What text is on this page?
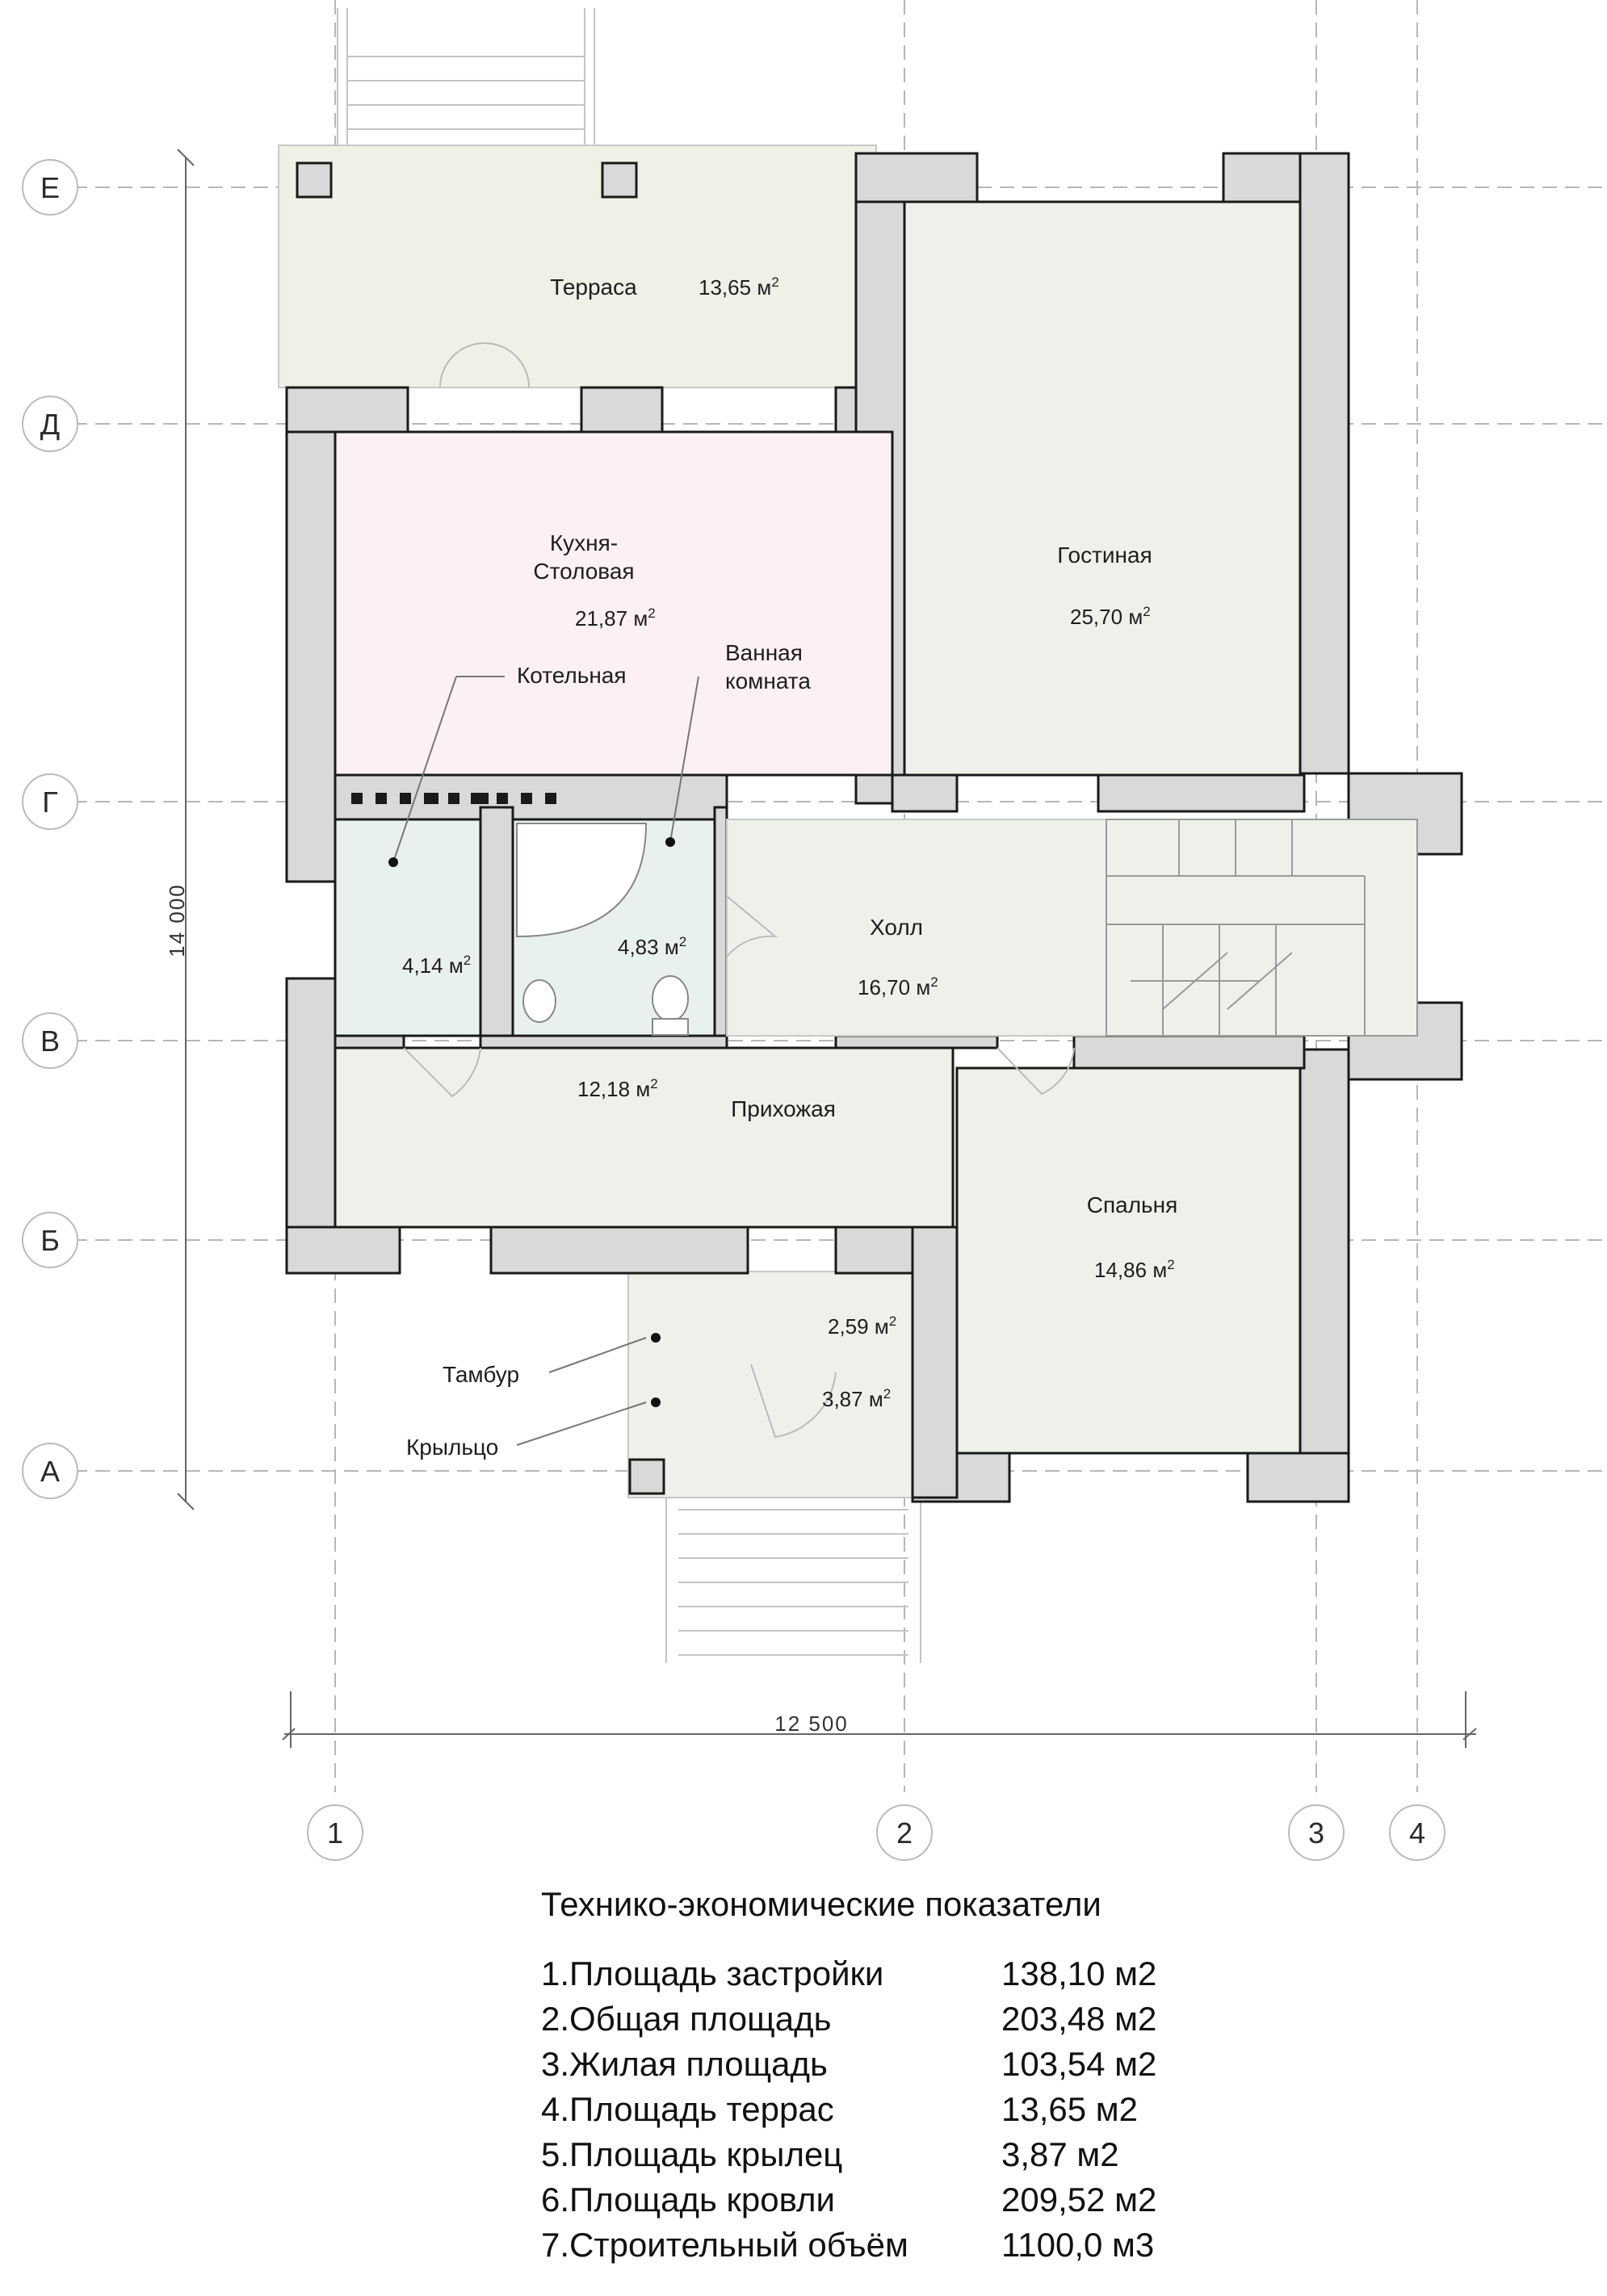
14 000
12 500
Е
Д
Г
В
Б
А
1	2	3	4
Терраса	13,65 $м^2$
Кухня-
Столовая
21,87 $м^2$
Гостиная
25,70 $м^2$
Котельная
4,14 $м^2$
Ванная
комната
4,83 $м^2$
Холл
16,70 $м^2$
12,18 $м^2$
Прихожая
Спальня
14,86 $м^2$
2,59 $м^2$
Тамбур
3,87 $м^2$
Крыльцо
Технико-экономические показатели
1.Площадь застройки	138,10 м2
2.Общая площадь	203,48 м2
3.Жилая площадь	103,54 м2
4.Площадь террас	13,65 м2
5.Площадь крылец	3,87 м2
6.Площадь кровли	209,52 м2
7.Строительный объём	1100,0 м3
